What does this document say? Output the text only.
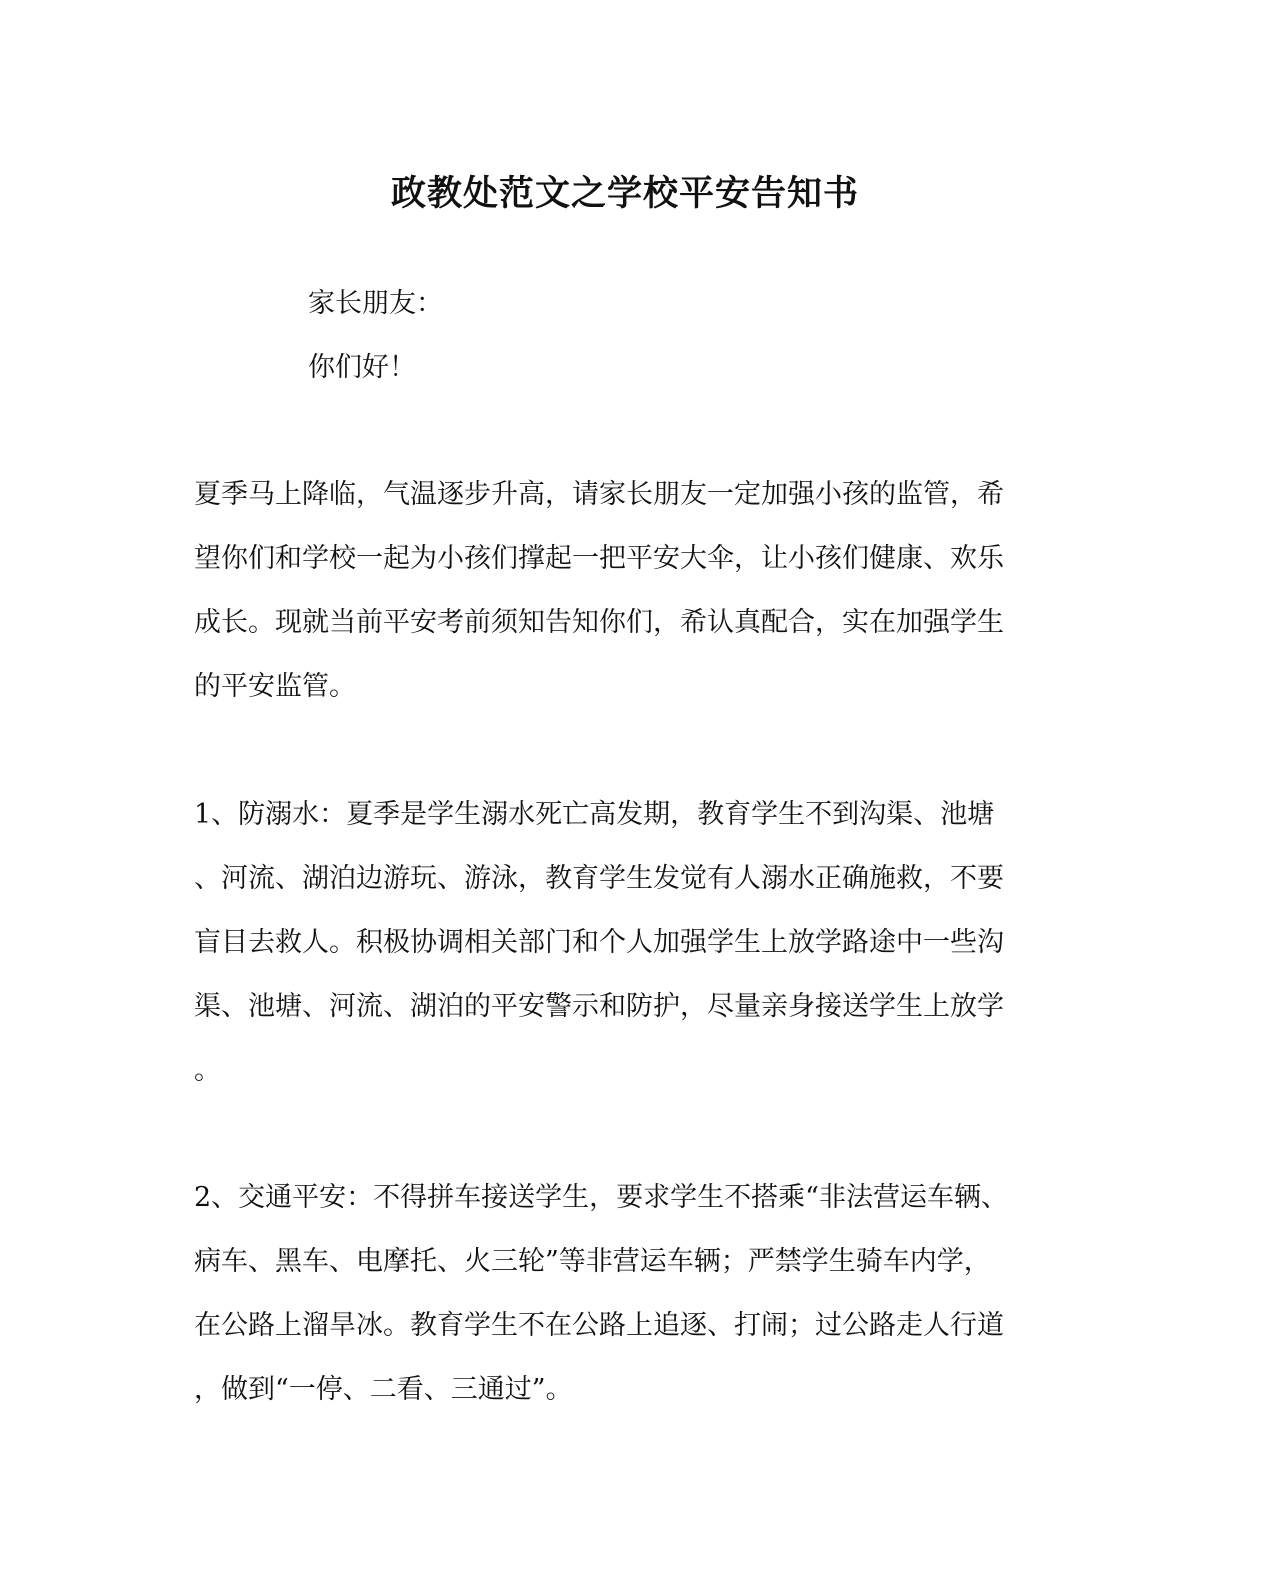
政教处范文之学校平安告知书

家长朋友：

你们好！

夏季马上降临，气温逐步升高，请家长朋友一定加强小孩的监管，希
望你们和学校一起为小孩们撑起一把平安大伞，让小孩们健康、欢乐
成长。现就当前平安考前须知告知你们，希认真配合，实在加强学生
的平安监管。
1、防溺水：夏季是学生溺水死亡高发期，教育学生不到沟渠、池塘
、河流、湖泊边游玩、游泳，教育学生发觉有人溺水正确施救，不要
盲目去救人。积极协调相关部门和个人加强学生上放学路途中一些沟
渠、池塘、河流、湖泊的平安警示和防护，尽量亲身接送学生上放学
。
2、交通平安：不得拼车接送学生，要求学生不搭乘“非法营运车辆、
病车、黑车、电摩托、火三轮”等非营运车辆；严禁学生骑车内学，
在公路上溜旱冰。教育学生不在公路上追逐、打闹；过公路走人行道
，做到“一停、二看、三通过”。
